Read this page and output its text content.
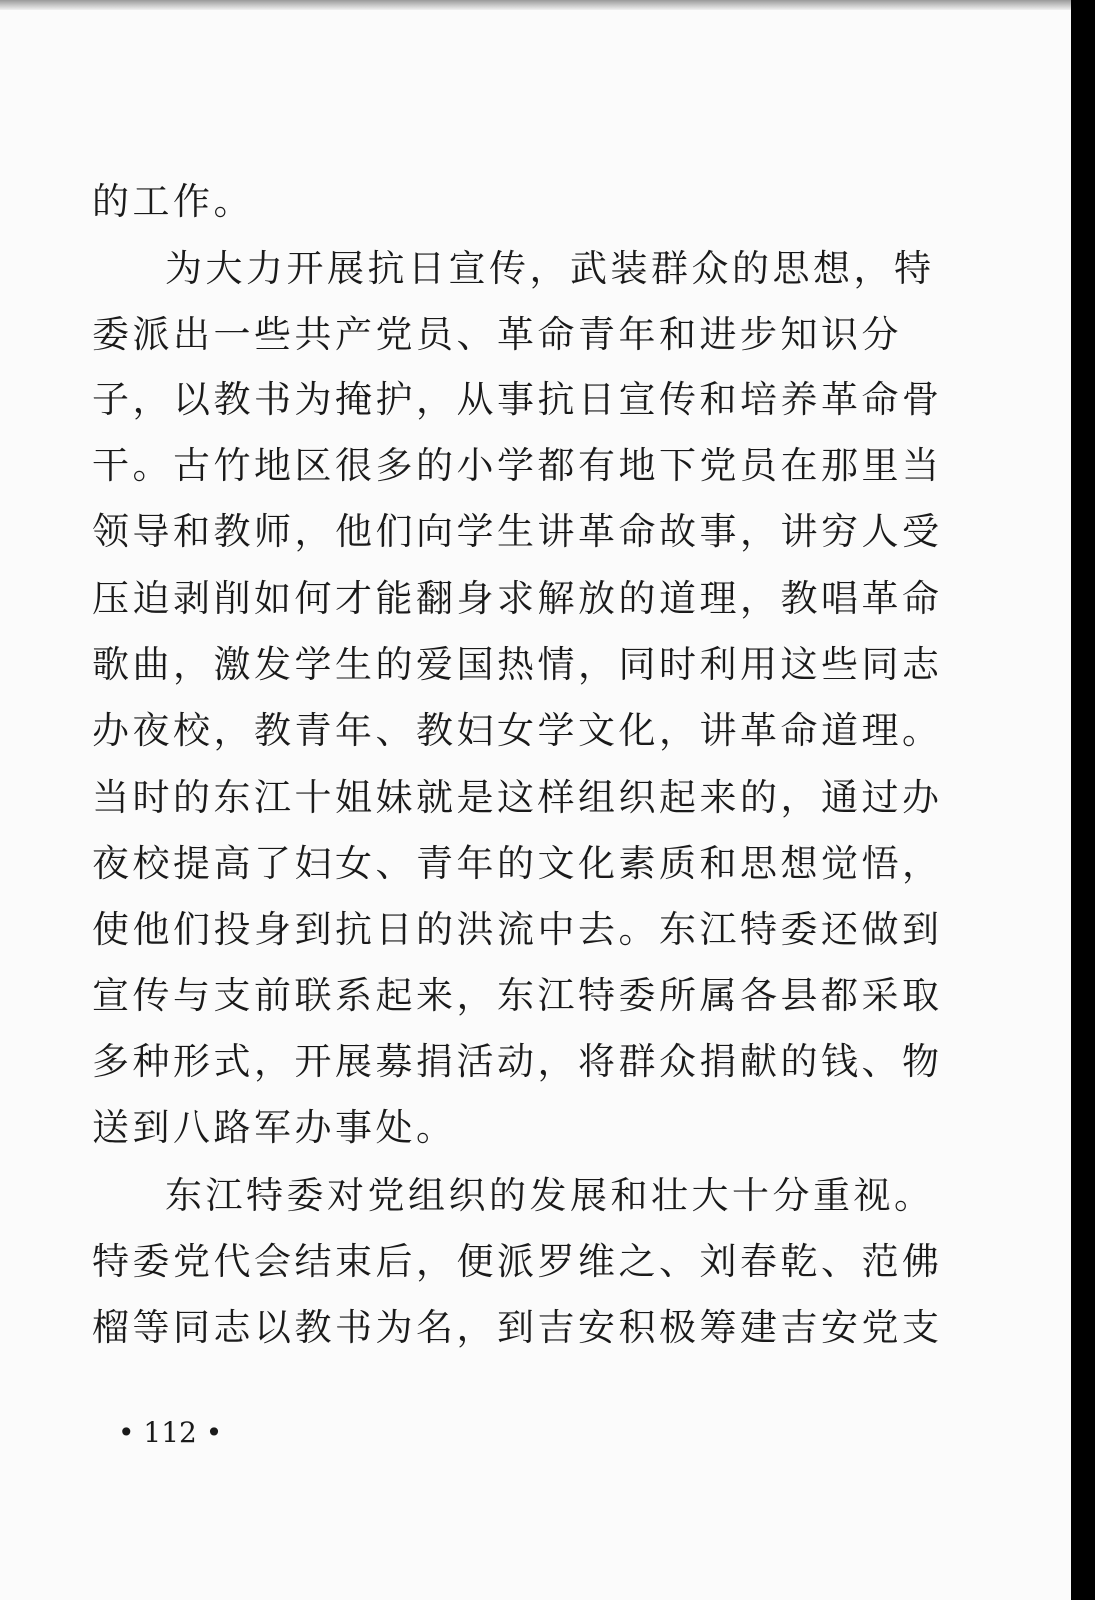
的工作。
为大力开展抗日宣传，武装群众的思想，特
委派出一些共产党员、革命青年和进步知识分
子，以教书为掩护，从事抗日宣传和培养革命骨
干。古竹地区很多的小学都有地下党员在那里当
领导和教师，他们向学生讲革命故事，讲穷人受
压迫剥削如何才能翻身求解放的道理，教唱革命
歌曲，激发学生的爱国热情，同时利用这些同志
办夜校，教青年、教妇女学文化，讲革命道理。
当时的东江十姐妹就是这样组织起来的，通过办
夜校提高了妇女、青年的文化素质和思想觉悟，
使他们投身到抗日的洪流中去。东江特委还做到
宣传与支前联系起来，东江特委所属各县都采取
多种形式，开展募捐活动，将群众捐献的钱、物
送到八路军办事处。
东江特委对党组织的发展和壮大十分重视。
特委党代会结束后，便派罗维之、刘春乾、范佛
榴等同志以教书为名，到吉安积极筹建吉安党支
• 112 •
